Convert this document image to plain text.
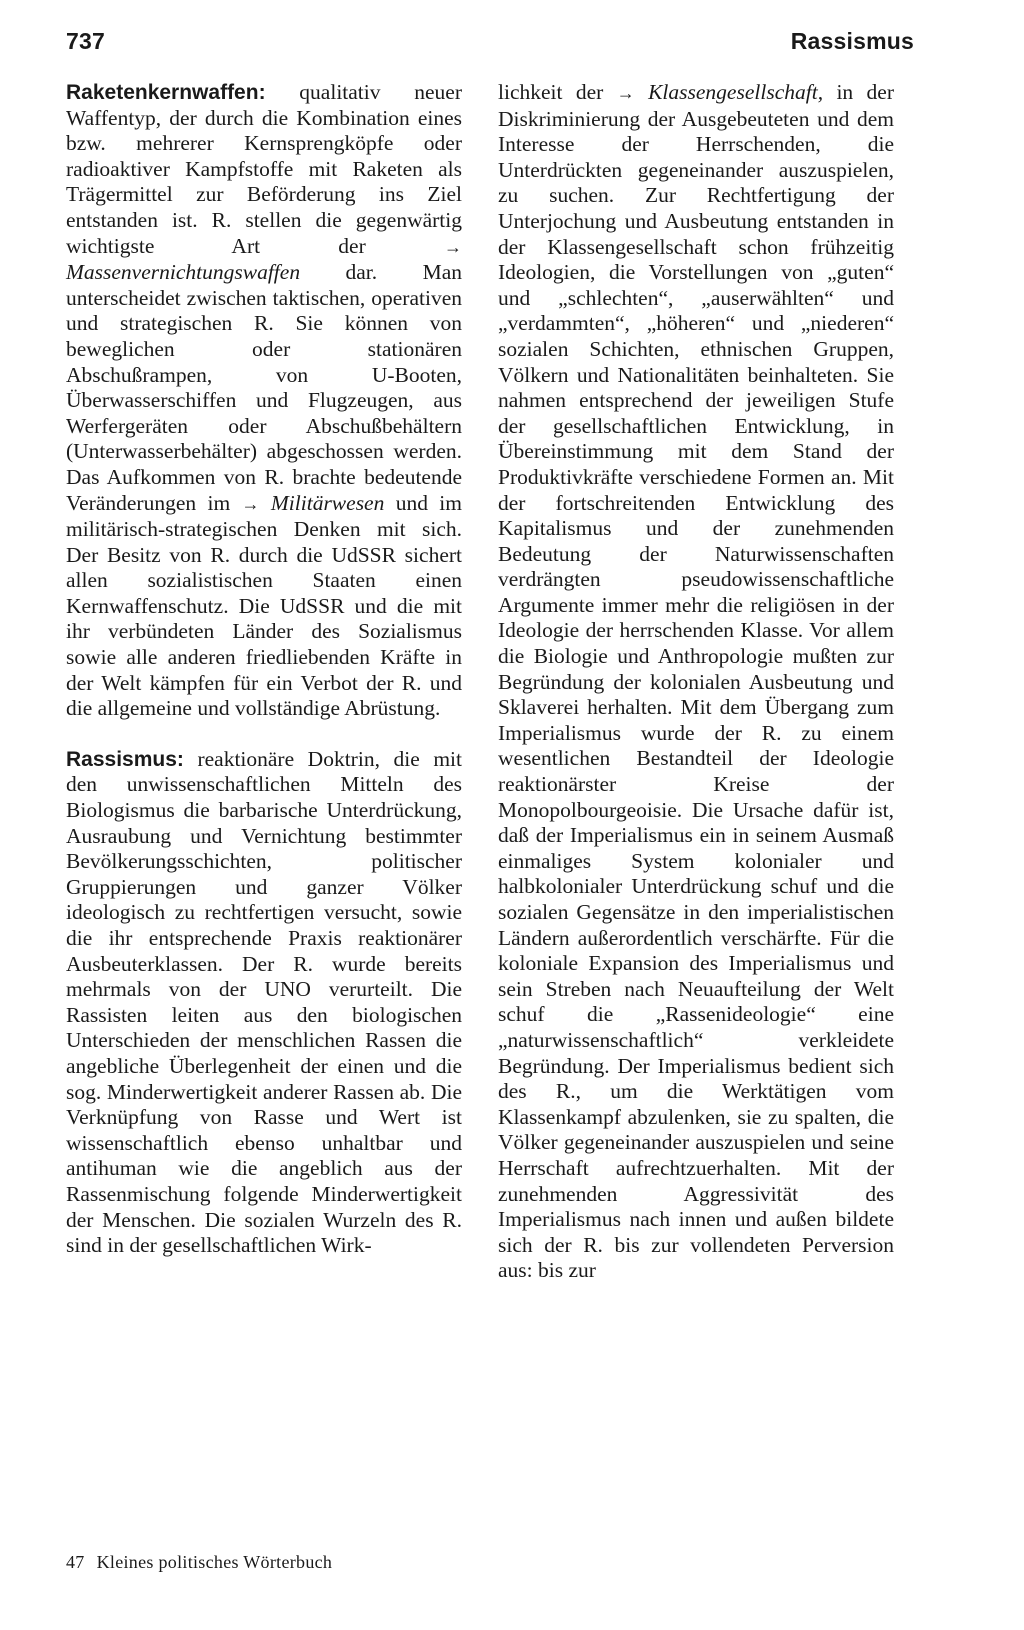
737	Rassismus

Raketenkernwaffen: qualitativ neuer Waffentyp, der durch die Kombination eines bzw. mehrerer Kernsprengköpfe oder radioaktiver Kampfstoffe mit Raketen als Trägermittel zur Beförderung ins Ziel entstanden ist. R. stellen die gegenwärtig wichtigste Art der → Massenvernichtungswaffen dar. Man unterscheidet zwischen taktischen, operativen und strategischen R. Sie können von beweglichen oder stationären Abschußrampen, von U-Booten, Überwasserschiffen und Flugzeugen, aus Werfergeräten oder Abschußbehältern (Unterwasserbehälter) abgeschossen werden. Das Aufkommen von R. brachte bedeutende Veränderungen im → Militärwesen und im militärisch-strategischen Denken mit sich. Der Besitz von R. durch die UdSSR sichert allen sozialistischen Staaten einen Kernwaffenschutz. Die UdSSR und die mit ihr verbündeten Länder des Sozialismus sowie alle anderen friedliebenden Kräfte in der Welt kämpfen für ein Verbot der R. und die allgemeine und vollständige Abrüstung.

Rassismus: reaktionäre Doktrin, die mit den unwissenschaftlichen Mitteln des Biologismus die barbarische Unterdrückung, Ausraubung und Vernichtung bestimmter Bevölkerungsschichten, politischer Gruppierungen und ganzer Völker ideologisch zu rechtfertigen versucht, sowie die ihr entsprechende Praxis reaktionärer Ausbeuterklassen. Der R. wurde bereits mehrmals von der UNO verurteilt. Die Rassisten leiten aus den biologischen Unterschieden der menschlichen Rassen die angebliche Überlegenheit der einen und die sog. Minderwertigkeit anderer Rassen ab. Die Verknüpfung von Rasse und Wert ist wissenschaftlich ebenso unhaltbar und antihuman wie die angeblich aus der Rassenmischung folgende Minderwertigkeit der Menschen. Die sozialen Wurzeln des R. sind in der gesellschaftlichen Wirk-

lichkeit der → Klassengesellschaft, in der Diskriminierung der Ausgebeuteten und dem Interesse der Herrschenden, die Unterdrückten gegeneinander auszuspielen, zu suchen. Zur Rechtfertigung der Unterjochung und Ausbeutung entstanden in der Klassengesellschaft schon frühzeitig Ideologien, die Vorstellungen von „guten“ und „schlechten“, „auserwählten“ und „verdammten“, „höheren“ und „niederen“ sozialen Schichten, ethnischen Gruppen, Völkern und Nationalitäten beinhalteten. Sie nahmen entsprechend der jeweiligen Stufe der gesellschaftlichen Entwicklung, in Übereinstimmung mit dem Stand der Produktivkräfte verschiedene Formen an. Mit der fortschreitenden Entwicklung des Kapitalismus und der zunehmenden Bedeutung der Naturwissenschaften verdrängten pseudowissenschaftliche Argumente immer mehr die religiösen in der Ideologie der herrschenden Klasse. Vor allem die Biologie und Anthropologie mußten zur Begründung der kolonialen Ausbeutung und Sklaverei herhalten. Mit dem Übergang zum Imperialismus wurde der R. zu einem wesentlichen Bestandteil der Ideologie reaktionärster Kreise der Monopolbourgeoisie. Die Ursache dafür ist, daß der Imperialismus ein in seinem Ausmaß einmaliges System kolonialer und halbkolonialer Unterdrückung schuf und die sozialen Gegensätze in den imperialistischen Ländern außerordentlich verschärfte. Für die koloniale Expansion des Imperialismus und sein Streben nach Neuaufteilung der Welt schuf die „Rassenideologie“ eine „naturwissenschaftlich“ verkleidete Begründung. Der Imperialismus bedient sich des R., um die Werktätigen vom Klassenkampf abzulenken, sie zu spalten, die Völker gegeneinander auszuspielen und seine Herrschaft aufrechtzuerhalten. Mit der zunehmenden Aggressivität des Imperialismus nach innen und außen bildete sich der R. bis zur vollendeten Perversion aus: bis zur

47 Kleines politisches Wörterbuch
